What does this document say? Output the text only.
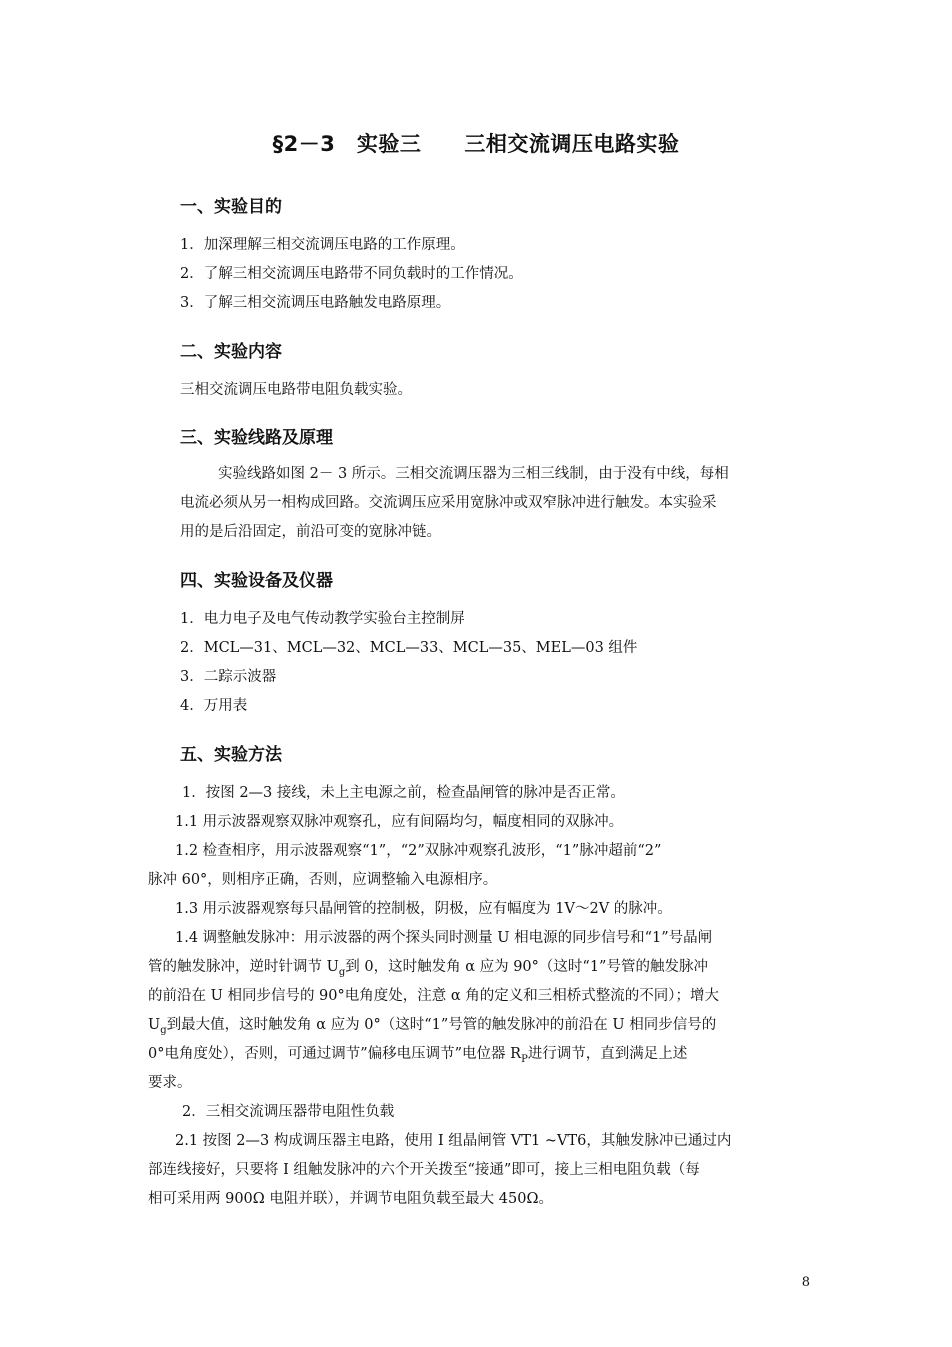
§2－3　实验三　　三相交流调压电路实验
一、实验目的
1．加深理解三相交流调压电路的工作原理。
2．了解三相交流调压电路带不同负载时的工作情况。
3．了解三相交流调压电路触发电路原理。
二、实验内容
三相交流调压电路带电阻负载实验。
三、实验线路及原理
实验线路如图 2－ 3 所示。三相交流调压器为三相三线制，由于没有中线，每相
电流必须从另一相构成回路。交流调压应采用宽脉冲或双窄脉冲进行触发。本实验采
用的是后沿固定，前沿可变的宽脉冲链。
四、实验设备及仪器
1．电力电子及电气传动教学实验台主控制屏
2．MCL—31、MCL—32、MCL—33、MCL—35、MEL—03 组件
3．二踪示波器
4．万用表
五、实验方法
1．按图 2—3 接线，未上主电源之前，检查晶闸管的脉冲是否正常。
1.1 用示波器观察双脉冲观察孔，应有间隔均匀，幅度相同的双脉冲。
1.2 检查相序，用示波器观察“1”，“2”双脉冲观察孔波形，“1”脉冲超前“2”
脉冲 60°，则相序正确，否则，应调整输入电源相序。
1.3 用示波器观察每只晶闸管的控制极，阴极，应有幅度为 1V～2V 的脉冲。
1.4 调整触发脉冲：用示波器的两个探头同时测量 U 相电源的同步信号和“1”号晶闸
管的触发脉冲，逆时针调节 $U_g$到 0，这时触发角 α 应为 90°（这时“1”号管的触发脉冲
的前沿在 U 相同步信号的 90°电角度处，注意 α 角的定义和三相桥式整流的不同）；增大
$U_g$到最大值，这时触发角 α 应为 0°（这时“1”号管的触发脉冲的前沿在 U 相同步信号的
0°电角度处），否则，可通过调节”偏移电压调节”电位器 $R_P$进行调节，直到满足上述
要求。
2．三相交流调压器带电阻性负载
2.1 按图 2—3 构成调压器主电路，使用 I 组晶闸管 VT1 ~VT6，其触发脉冲已通过内
部连线接好，只要将 I 组触发脉冲的六个开关拨至“接通”即可，接上三相电阻负载（每
相可采用两 900Ω 电阻并联），并调节电阻负载至最大 450Ω。
8
